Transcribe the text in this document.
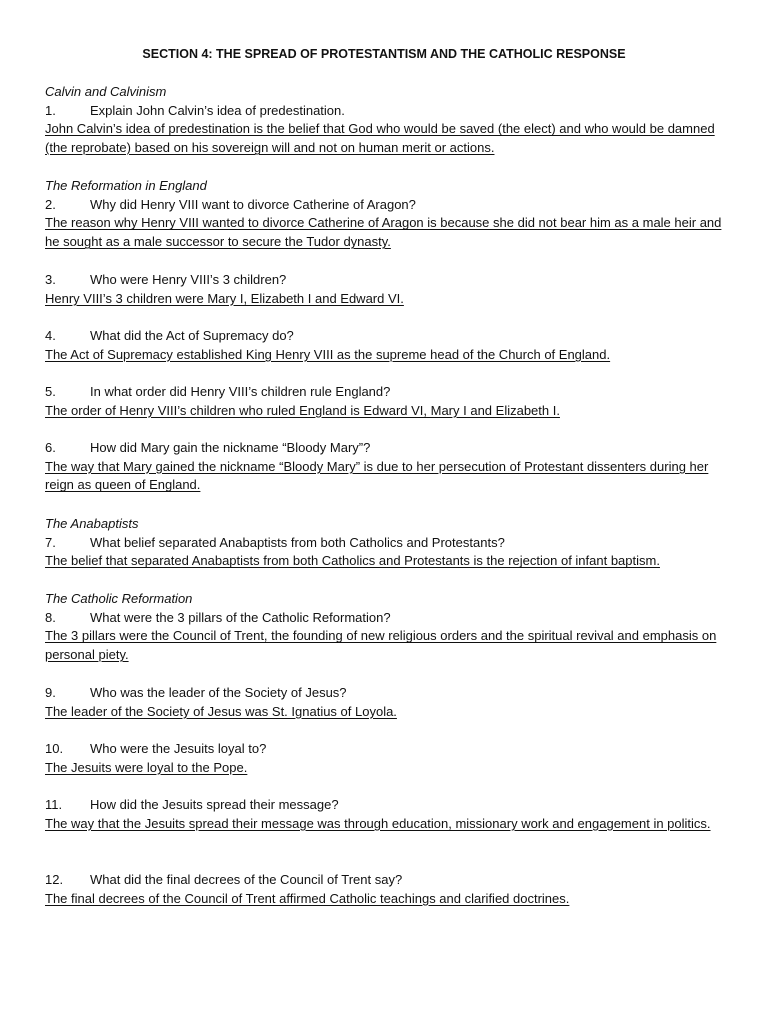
SECTION 4: THE SPREAD OF PROTESTANTISM AND THE CATHOLIC RESPONSE
Calvin and Calvinism
1.	Explain John Calvin’s idea of predestination.
John Calvin’s idea of predestination is the belief that God who would be saved (the elect) and who would be damned (the reprobate) based on his sovereign will and not on human merit or actions.
The Reformation in England
2.	Why did Henry VIII want to divorce Catherine of Aragon?
The reason why Henry VIII wanted to divorce Catherine of Aragon is because she did not bear him as a male heir and he sought as a male successor to secure the Tudor dynasty.
3.	Who were Henry VIII’s 3 children?
Henry VIII’s 3 children were Mary I, Elizabeth I and Edward VI.
4.	What did the Act of Supremacy do?
The Act of Supremacy established King Henry VIII as the supreme head of the Church of England.
5.	In what order did Henry VIII’s children rule England?
The order of Henry VIII’s children who ruled England is Edward VI, Mary I and Elizabeth I.
6.	How did Mary gain the nickname “Bloody Mary”?
The way that Mary gained the nickname “Bloody Mary” is due to her persecution of Protestant dissenters during her reign as queen of England.
The Anabaptists
7.	What belief separated Anabaptists from both Catholics and Protestants?
The belief that separated Anabaptists from both Catholics and Protestants is the rejection of infant baptism.
The Catholic Reformation
8.	What were the 3 pillars of the Catholic Reformation?
The 3 pillars were the Council of Trent, the founding of new religious orders and the spiritual revival and emphasis on personal piety.
9.	Who was the leader of the Society of Jesus?
The leader of the Society of Jesus was St. Ignatius of Loyola.
10. Who were the Jesuits loyal to?
The Jesuits were loyal to the Pope.
11. How did the Jesuits spread their message?
The way that the Jesuits spread their message was through education, missionary work and engagement in politics.
12. What did the final decrees of the Council of Trent say?
The final decrees of the Council of Trent affirmed Catholic teachings and clarified doctrines.
